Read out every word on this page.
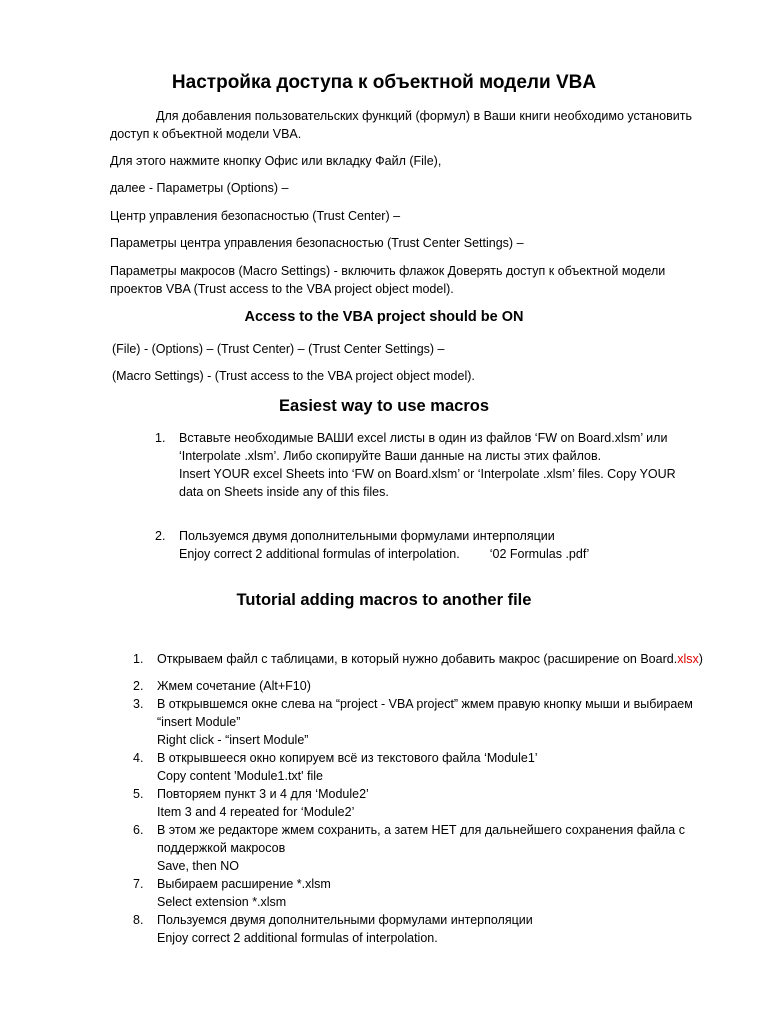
Настройка доступа к объектной модели VBA

Для добавления пользовательских функций (формул) в Ваши книги необходимо установить доступ к объектной модели VBA.

Для этого нажмите кнопку Офис или вкладку Файл (File),

далее - Параметры (Options) –

Центр управления безопасностью (Trust Center) –

Параметры центра управления безопасностью (Trust Center Settings) –

Параметры макросов (Macro Settings) - включить флажок Доверять доступ к объектной модели проектов VBA (Trust access to the VBA project object model).

Access to the VBA project should be ON

(File) - (Options) – (Trust Center) – (Trust Center Settings) –

(Macro Settings) - (Trust access to the VBA project object model).

Easiest way to use macros
1. Вставьте необходимые ВАШИ excel листы в один из файлов ‘FW on Board.xlsm’ или ‘Interpolate .xlsm’. Либо скопируйте Ваши данные на листы этих файлов.
Insert YOUR excel Sheets into ‘FW on Board.xlsm’ or ‘Interpolate .xlsm’ files. Copy YOUR data on Sheets inside any of this files.
2. Пользуемся двумя дополнительными формулами интерполяции
Enjoy correct 2 additional formulas of interpolation. ‘02 Formulas .pdf’
Tutorial adding macros to another file
1. Открываем файл с таблицами, в который нужно добавить макрос (расширение on Board.xlsx)
2. Жмем сочетание (Alt+F10)
3. В открывшемся окне слева на “project - VBA project” жмем правую кнопку мыши и выбираем “insert Module”
Right click - “insert Module”
4. В открывшееся окно копируем всё из текстового файла ‘Module1’
Copy content 'Module1.txt' file
5. Повторяем пункт 3 и 4 для ‘Module2’
Item 3 and 4 repeated for ‘Module2’
6. В этом же редакторе жмем сохранить, а затем НЕТ для дальнейшего сохранения файла с поддержкой макросов
Save, then NO
7. Выбираем расширение *.xlsm
Select extension *.xlsm
8. Пользуемся двумя дополнительными формулами интерполяции
Enjoy correct 2 additional formulas of interpolation.
